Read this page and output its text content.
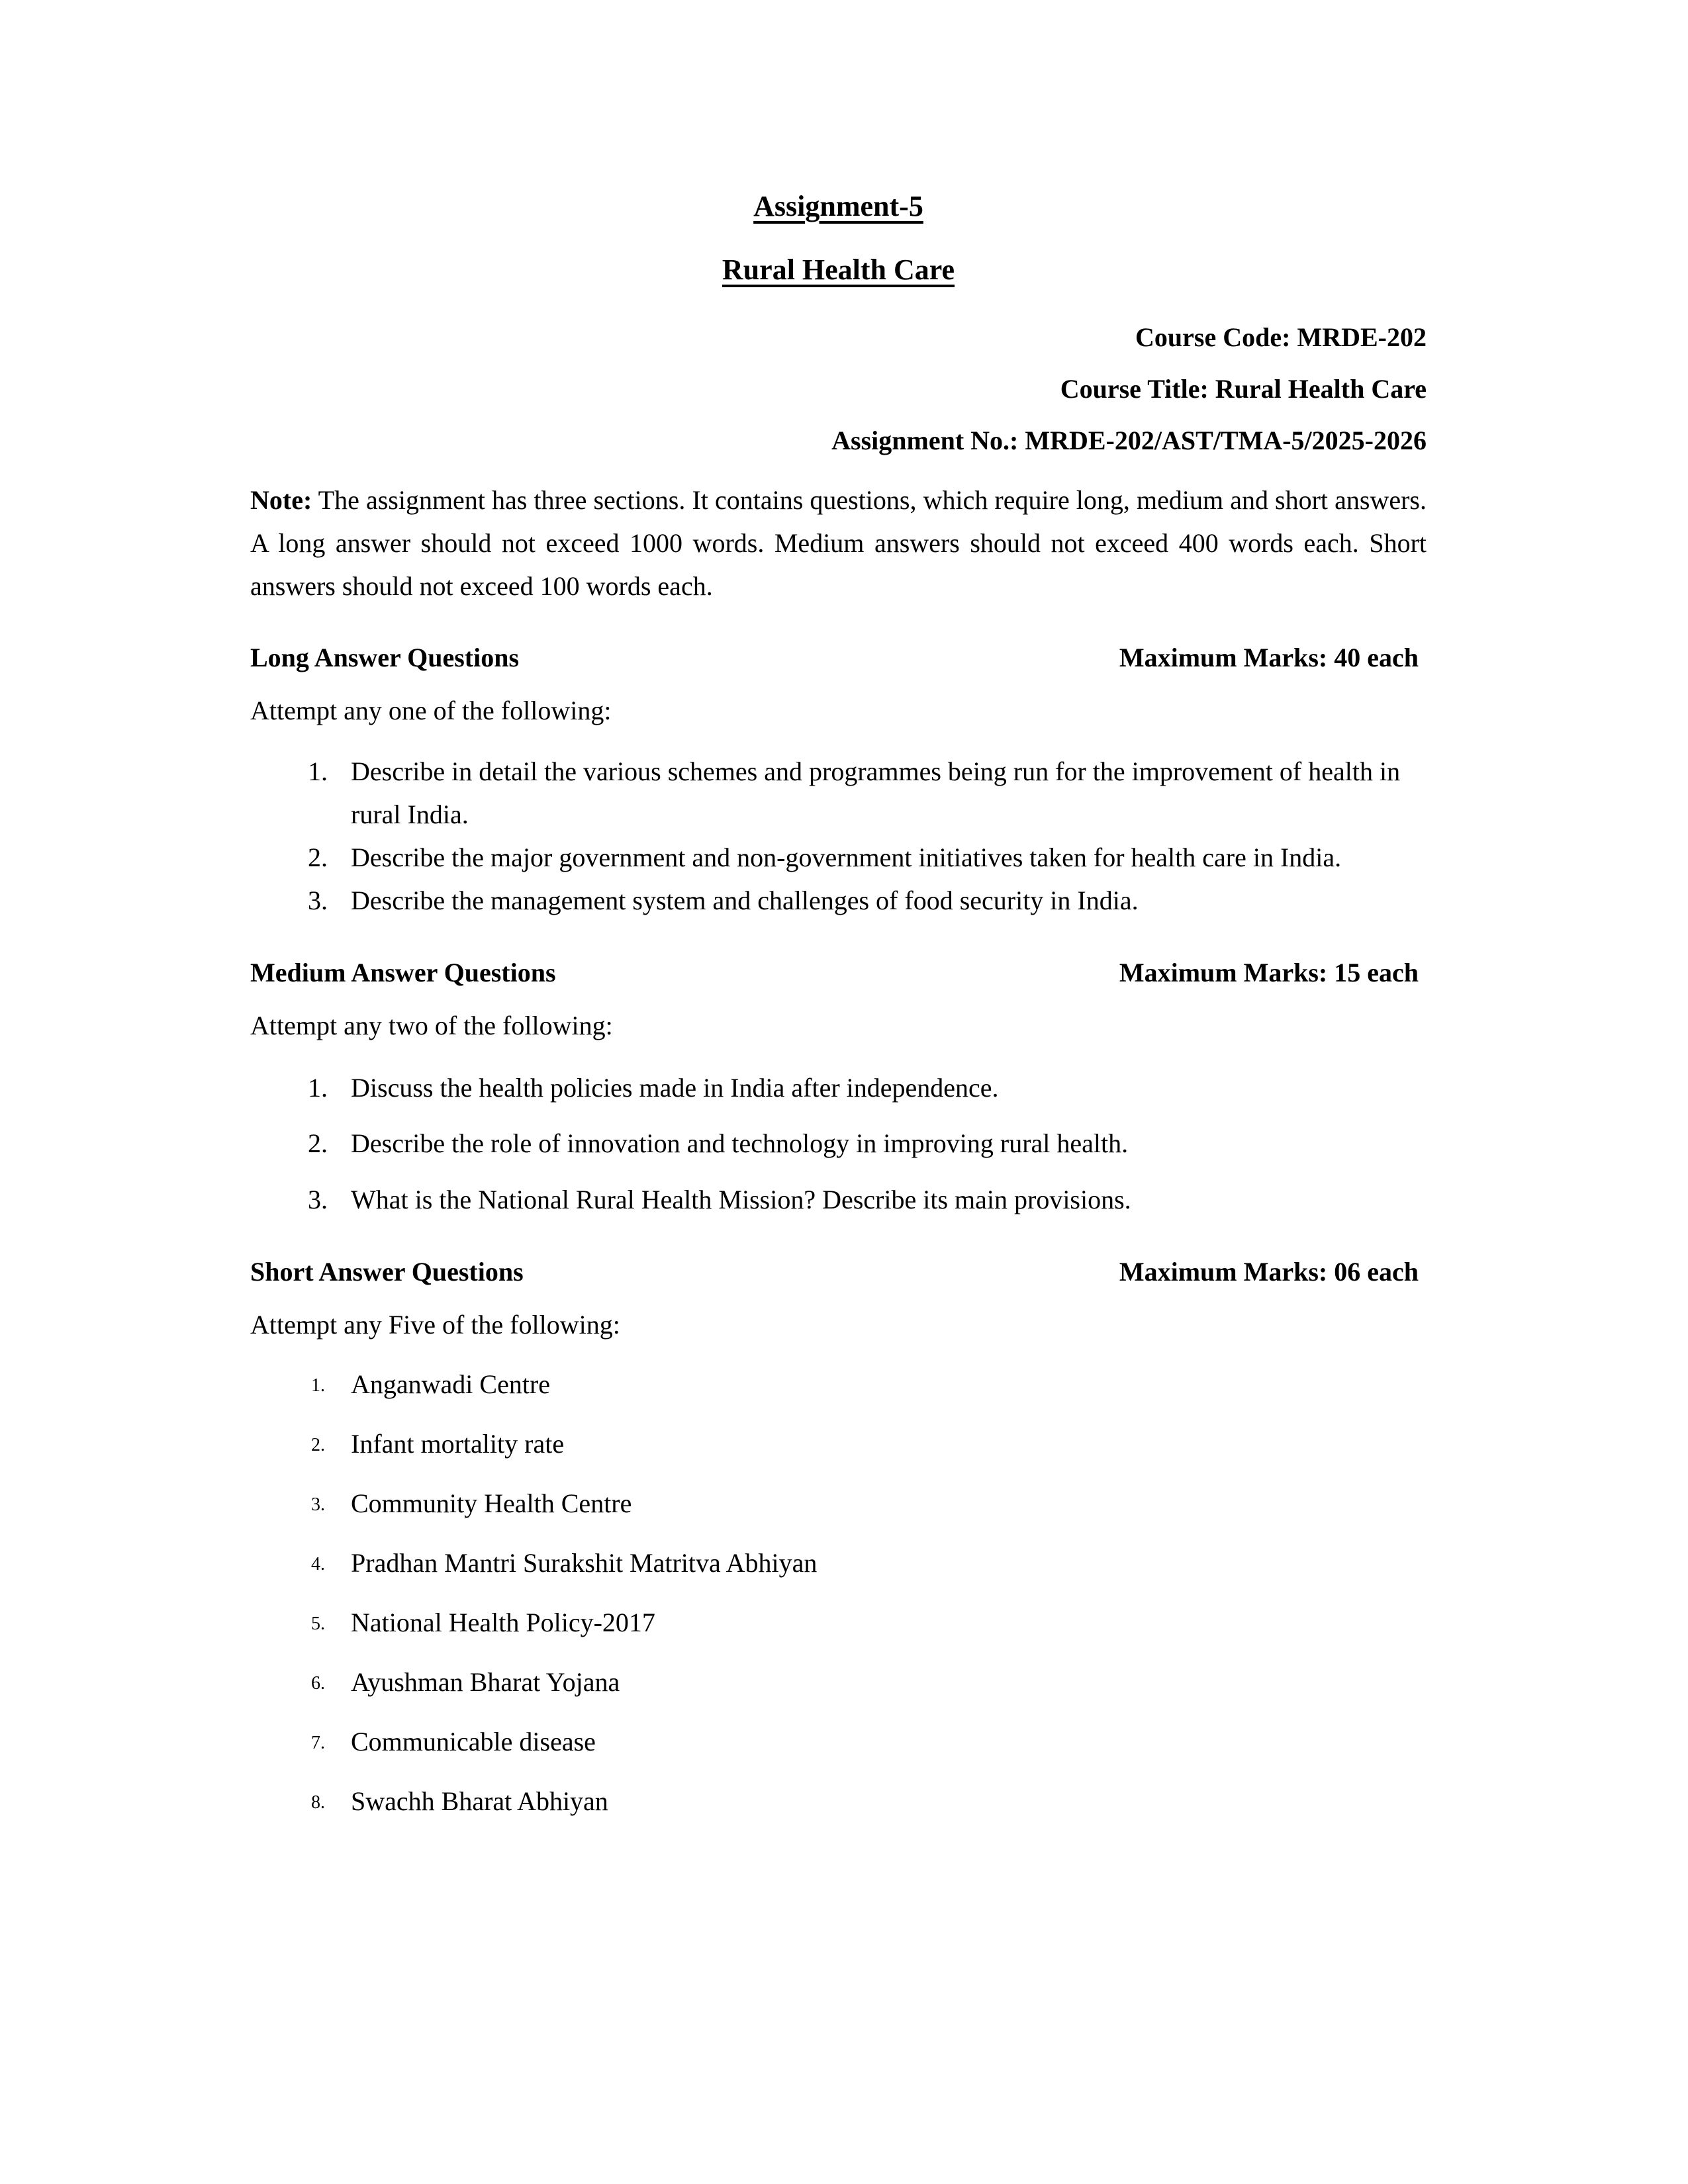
Assignment-5
Rural Health Care
Course Code: MRDE-202
Course Title: Rural Health Care
Assignment No.: MRDE-202/AST/TMA-5/2025-2026

Note: The assignment has three sections. It contains questions, which require long, medium and short answers. A long answer should not exceed 1000 words. Medium answers should not exceed 400 words each. Short answers should not exceed 100 words each.

Long Answer Questions	Maximum Marks: 40 each
Attempt any one of the following:
Describe in detail the various schemes and programmes being run for the improvement of health in rural India.
Describe the major government and non-government initiatives taken for health care in India.
Describe the management system and challenges of food security in India.
Medium Answer Questions	Maximum Marks: 15 each
Attempt any two of the following:
Discuss the health policies made in India after independence.
Describe the role of innovation and technology in improving rural health.
What is the National Rural Health Mission? Describe its main provisions.
Short Answer Questions	Maximum Marks: 06 each
Attempt any Five of the following:
Anganwadi Centre
Infant mortality rate
Community Health Centre
Pradhan Mantri Surakshit Matritva Abhiyan
National Health Policy-2017
Ayushman Bharat Yojana
Communicable disease
Swachh Bharat Abhiyan
